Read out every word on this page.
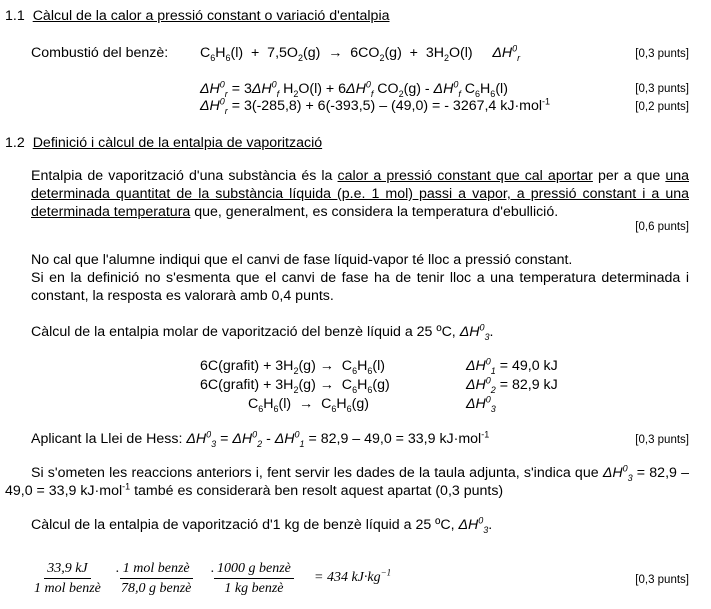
1.1 Càlcul de la calor a pressió constant o variació d'entalpia
Combustió del benzè: $C_6H_6(l) + 7,5O_2(g) \to 6CO_2(g) + 3H_2O(l)$     $\Delta H^0_r$	[0,3 punts]
$\Delta H^0_r = 3\Delta H^0_f$ $H_2O(l) + 6\Delta H^0_f$ $CO_2(g) - \Delta H^0_f$ $C_6H_6(l)$	[0,3 punts]
$\Delta H^0_r = 3(-285,8) + 6(-393,5) - (49,0)$ = - 3267,4 kJ·mol$^{-1}$	[0,2 punts]
1.2 Definició i càlcul de la entalpia de vaporització
Entalpia de vaporització d'una substància és la calor a pressió constant que cal aportar per a que una determinada quantitat de la substància líquida (p.e. 1 mol) passi a vapor, a pressió constant i a una determinada temperatura que, generalment, es considera la temperatura d'ebullició.
[0,6 punts]
No cal que l'alumne indiqui que el canvi de fase líquid-vapor té lloc a pressió constant.
Si en la definició no s'esmenta que el canvi de fase ha de tenir lloc a una temperatura determinada i constant, la resposta es valorarà amb 0,4 punts.
Càlcul de la entalpia molar de vaporització del benzè líquid a 25 ºC, $\Delta H^0_3$.
6C(grafit) + $3H_2(g) \to C_6H_6(l)$	$\Delta H^0_1 = 49,0$ kJ
6C(grafit) + $3H_2(g) \to C_6H_6(g)$	$\Delta H^0_2 = 82,9$ kJ
$C_6H_6(l) \to C_6H_6(g)$	$\Delta H^0_3$
Aplicant la Llei de Hess: $\Delta H^0_3 = \Delta H^0_2 - \Delta H^0_1 = 82,9 - 49,0 = 33,9$ kJ·mol$^{-1}$	[0,3 punts]
Si s'ometen les reaccions anteriors i, fent servir les dades de la taula adjunta, s'indica que $\Delta H^0_3 = 82,9 - 49,0 = 33,9$ kJ·mol$^{-1}$ també es considerarà ben resolt aquest apartat (0,3 punts)
Càlcul de la entalpia de vaporització d'1 kg de benzè líquid a 25 ºC, $\Delta H^0_3$.
33,9 kJ
1 mol benzè
· 1 mol benzè
78,0 g benzè
· 1000 g benzè
1 kg benzè
= 434 $kJ\cdot kg^{-1}$
[0,3 punts]
